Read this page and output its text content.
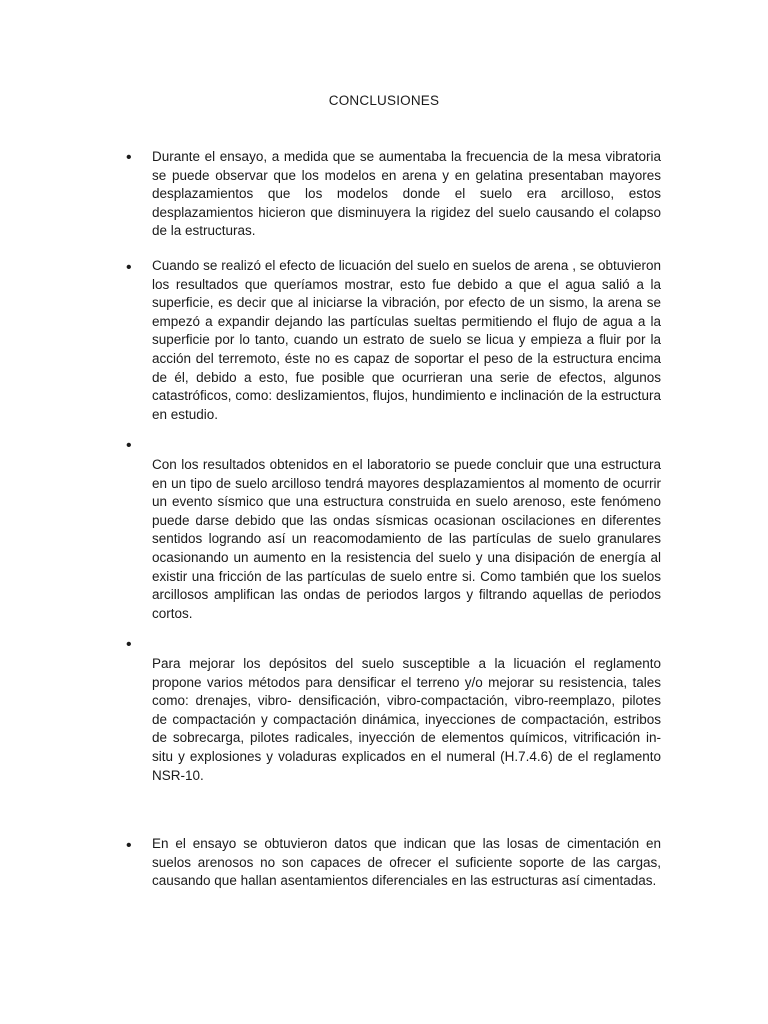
CONCLUSIONES
• Durante el ensayo, a medida que se aumentaba la frecuencia de la mesa vibratoria se puede observar que los modelos en arena y en gelatina presentaban mayores desplazamientos que los modelos donde el suelo era arcilloso, estos desplazamientos hicieron que disminuyera la rigidez del suelo causando el colapso de la estructuras.

• Cuando se realizó el efecto de licuación del suelo en suelos de arena , se obtuvieron los resultados que queríamos mostrar, esto fue debido a que el agua salió a la superficie, es decir que al iniciarse la vibración, por efecto de un sismo, la arena se empezó a expandir dejando las partículas sueltas permitiendo el flujo de agua a la superficie por lo tanto, cuando un estrato de suelo se licua y empieza a fluir por la acción del terremoto, éste no es capaz de soportar el peso de la estructura encima de él, debido a esto, fue posible que ocurrieran una serie de efectos, algunos catastróficos, como: deslizamientos, flujos, hundimiento e inclinación de la estructura en estudio.

•

Con los resultados obtenidos en el laboratorio se puede concluir que una estructura en un tipo de suelo arcilloso tendrá mayores desplazamientos al momento de ocurrir un evento sísmico que una estructura construida en suelo arenoso, este fenómeno puede darse debido que las ondas sísmicas ocasionan oscilaciones en diferentes sentidos logrando así un reacomodamiento de las partículas de suelo granulares ocasionando un aumento en la resistencia del suelo y una disipación de energía al existir una fricción de las partículas de suelo entre si. Como también que los suelos arcillosos amplifican las ondas de periodos largos y filtrando aquellas de periodos cortos.

•

Para mejorar los depósitos del suelo susceptible a la licuación el reglamento propone varios métodos para densificar el terreno y/o mejorar su resistencia, tales como: drenajes, vibro- densificación, vibro-compactación, vibro-reemplazo, pilotes de compactación y compactación dinámica, inyecciones de compactación, estribos de sobrecarga, pilotes radicales, inyección de elementos químicos, vitrificación in- situ y explosiones y voladuras explicados en el numeral (H.7.4.6) de el reglamento NSR-10.

• En el ensayo se obtuvieron datos que indican que las losas de cimentación en suelos arenosos no son capaces de ofrecer el suficiente soporte de las cargas, causando que hallan asentamientos diferenciales en las estructuras así cimentadas.
